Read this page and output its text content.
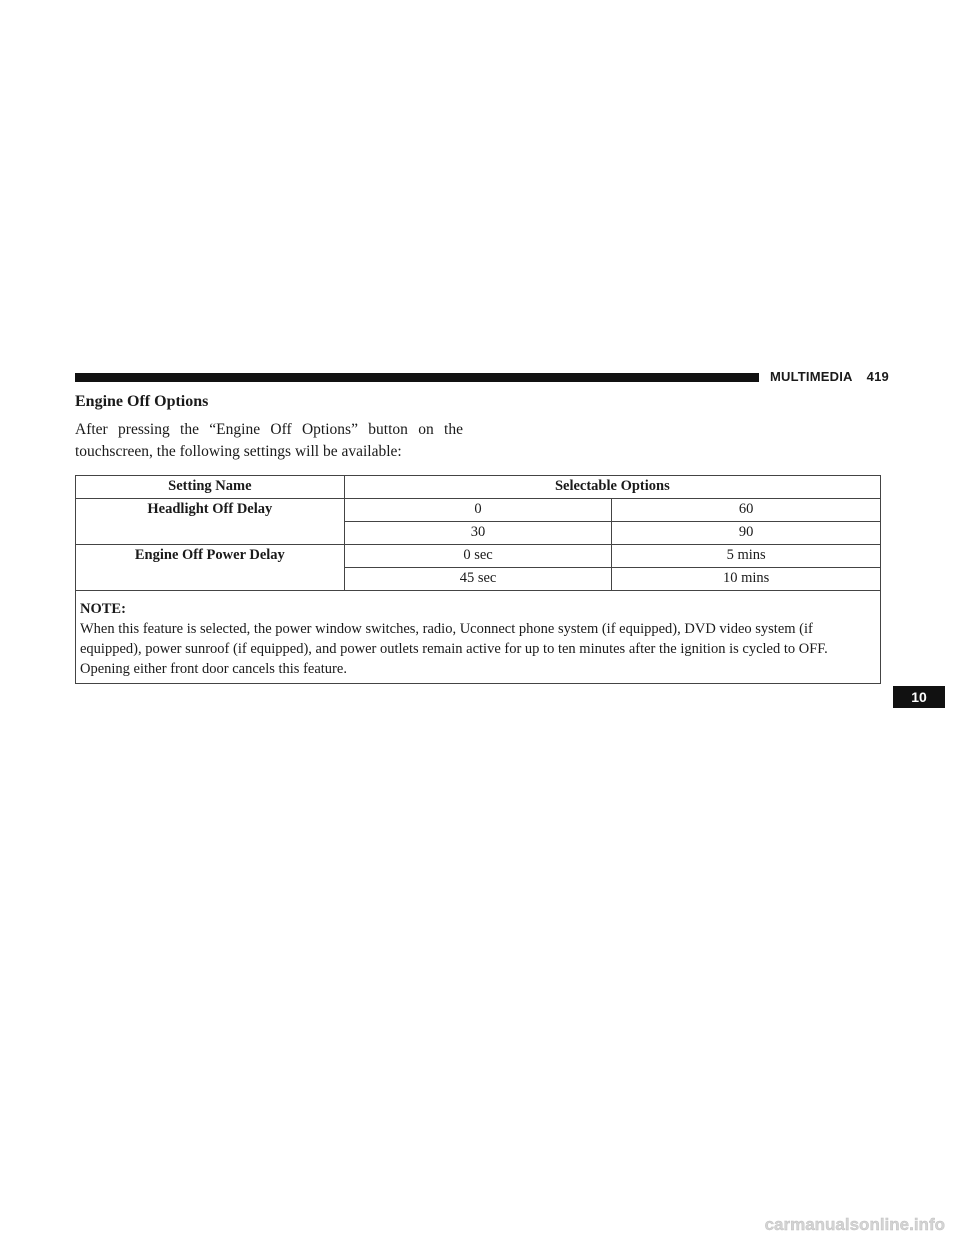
MULTIMEDIA 419
Engine Off Options
After pressing the “Engine Off Options” button on the touchscreen, the following settings will be available:
Setting Name	Selectable Options	
Headlight Off Delay	0	60
	30	90
Engine Off Power Delay	0 sec	5 mins
	45 sec	10 mins

NOTE:
When this feature is selected, the power window switches, radio, Uconnect phone system (if equipped), DVD video system (if equipped), power sunroof (if equipped), and power outlets remain active for up to ten minutes after the ignition is cycled to OFF. Opening either front door cancels this feature.		
10
carmanualsonline.info
